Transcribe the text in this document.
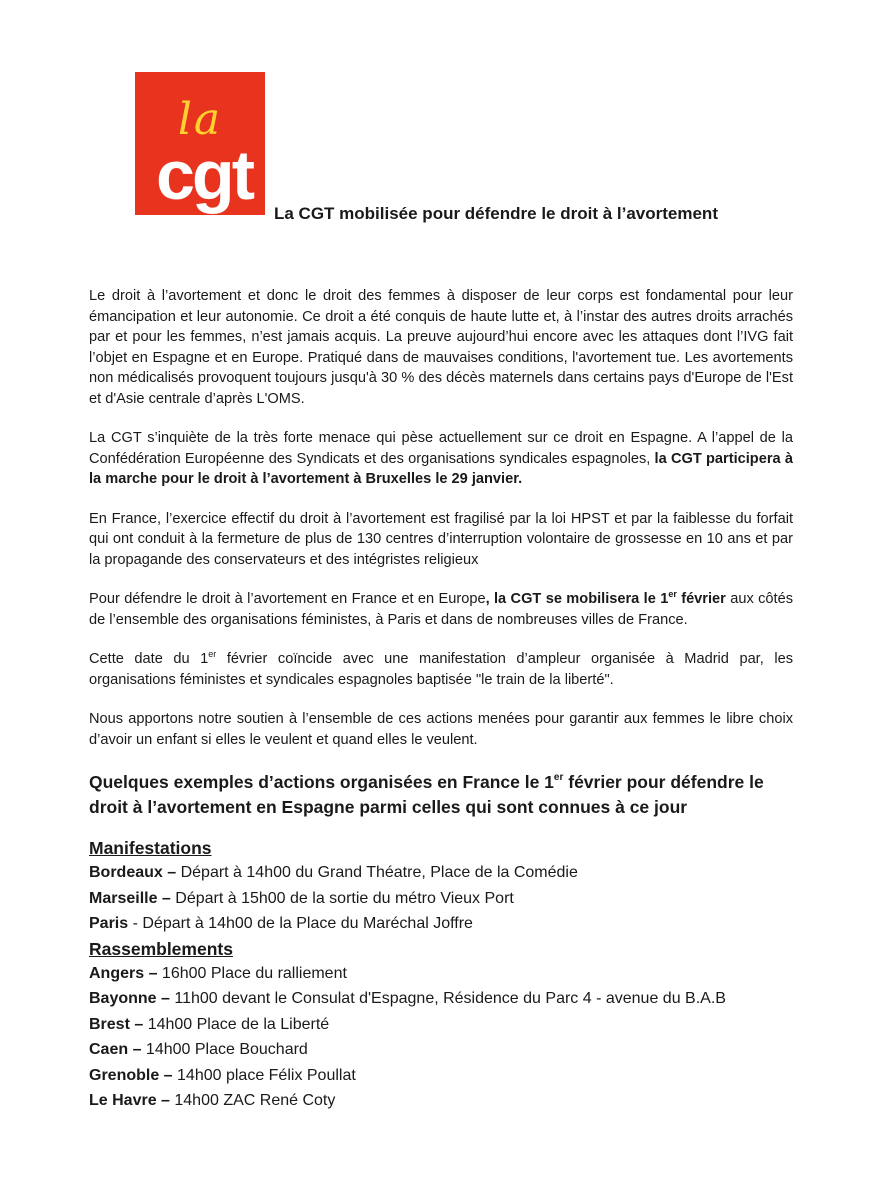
la
cgt	La CGT mobilisée pour défendre le droit à l’avortement

Le droit à l’avortement et donc le droit des femmes à disposer de leur corps est fondamental pour leur émancipation et leur autonomie. Ce droit a été conquis de haute lutte et, à l’instar des autres droits arrachés par et pour les femmes, n’est jamais acquis. La preuve aujourd’hui encore avec les attaques dont l’IVG fait l’objet en Espagne et en Europe. Pratiqué dans de mauvaises conditions, l'avortement tue. Les avortements non médicalisés provoquent toujours jusqu'à 30 % des décès maternels dans certains pays d'Europe de l'Est et d'Asie centrale d’après L'OMS.

La CGT s’inquiète de la très forte menace qui pèse actuellement sur ce droit en Espagne. A l’appel de la Confédération Européenne des Syndicats et des organisations syndicales espagnoles, la CGT participera à la marche pour le droit à l’avortement à Bruxelles le 29 janvier.

En France, l’exercice effectif du droit à l’avortement est fragilisé par la loi HPST et par la faiblesse du forfait qui ont conduit à la fermeture de plus de 130 centres d’interruption volontaire de grossesse en 10 ans et par la propagande des conservateurs et des intégristes religieux

Pour défendre le droit à l’avortement en France et en Europe, la CGT se mobilisera le 1er février aux côtés de l’ensemble des organisations féministes, à Paris et dans de nombreuses villes de France.

Cette date du 1er février coïncide avec une manifestation d’ampleur organisée à Madrid par, les organisations féministes et syndicales espagnoles baptisée "le train de la liberté".

Nous apportons notre soutien à l’ensemble de ces actions menées pour garantir aux femmes le libre choix d’avoir un enfant si elles le veulent et quand elles le veulent.

Quelques exemples d’actions organisées en France le 1er février pour défendre le droit à l’avortement en Espagne parmi celles qui sont connues à ce jour
Manifestations
Bordeaux – Départ à 14h00 du Grand Théatre, Place de la Comédie
Marseille – Départ à 15h00 de la sortie du métro Vieux Port
Paris - Départ à 14h00 de la Place du Maréchal Joffre
Rassemblements
Angers – 16h00 Place du ralliement
Bayonne – 11h00 devant le Consulat d'Espagne, Résidence du Parc 4 - avenue du B.A.B
Brest – 14h00 Place de la Liberté
Caen – 14h00 Place Bouchard
Grenoble – 14h00 place Félix Poullat
Le Havre – 14h00 ZAC René Coty
